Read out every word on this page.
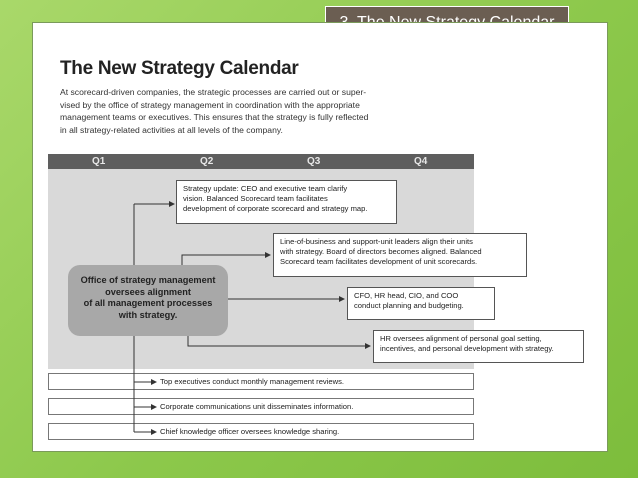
The New Strategy Calendar
At scorecard-driven companies, the strategic processes are carried out or super-
vised by the office of strategy management in coordination with the appropriate
management teams or executives. This ensures that the strategy is fully reflected
in all strategy-related activities at all levels of the company.
Q1	Q2	Q3	Q4
Strategy update: CEO and executive team clarify
vision. Balanced Scorecard team facilitates
development of corporate scorecard and strategy map.
Line-of-business and support-unit leaders align their units
with strategy. Board of directors becomes aligned. Balanced
Scorecard team facilitates development of unit scorecards.
CFO, HR head, CIO, and COO
conduct planning and budgeting.
HR oversees alignment of personal goal setting,
incentives, and personal development with strategy.
Office of strategy management
oversees alignment
of all management processes
with strategy.
Top executives conduct monthly management reviews.
Corporate communications unit disseminates information.
Chief knowledge officer oversees knowledge sharing.
